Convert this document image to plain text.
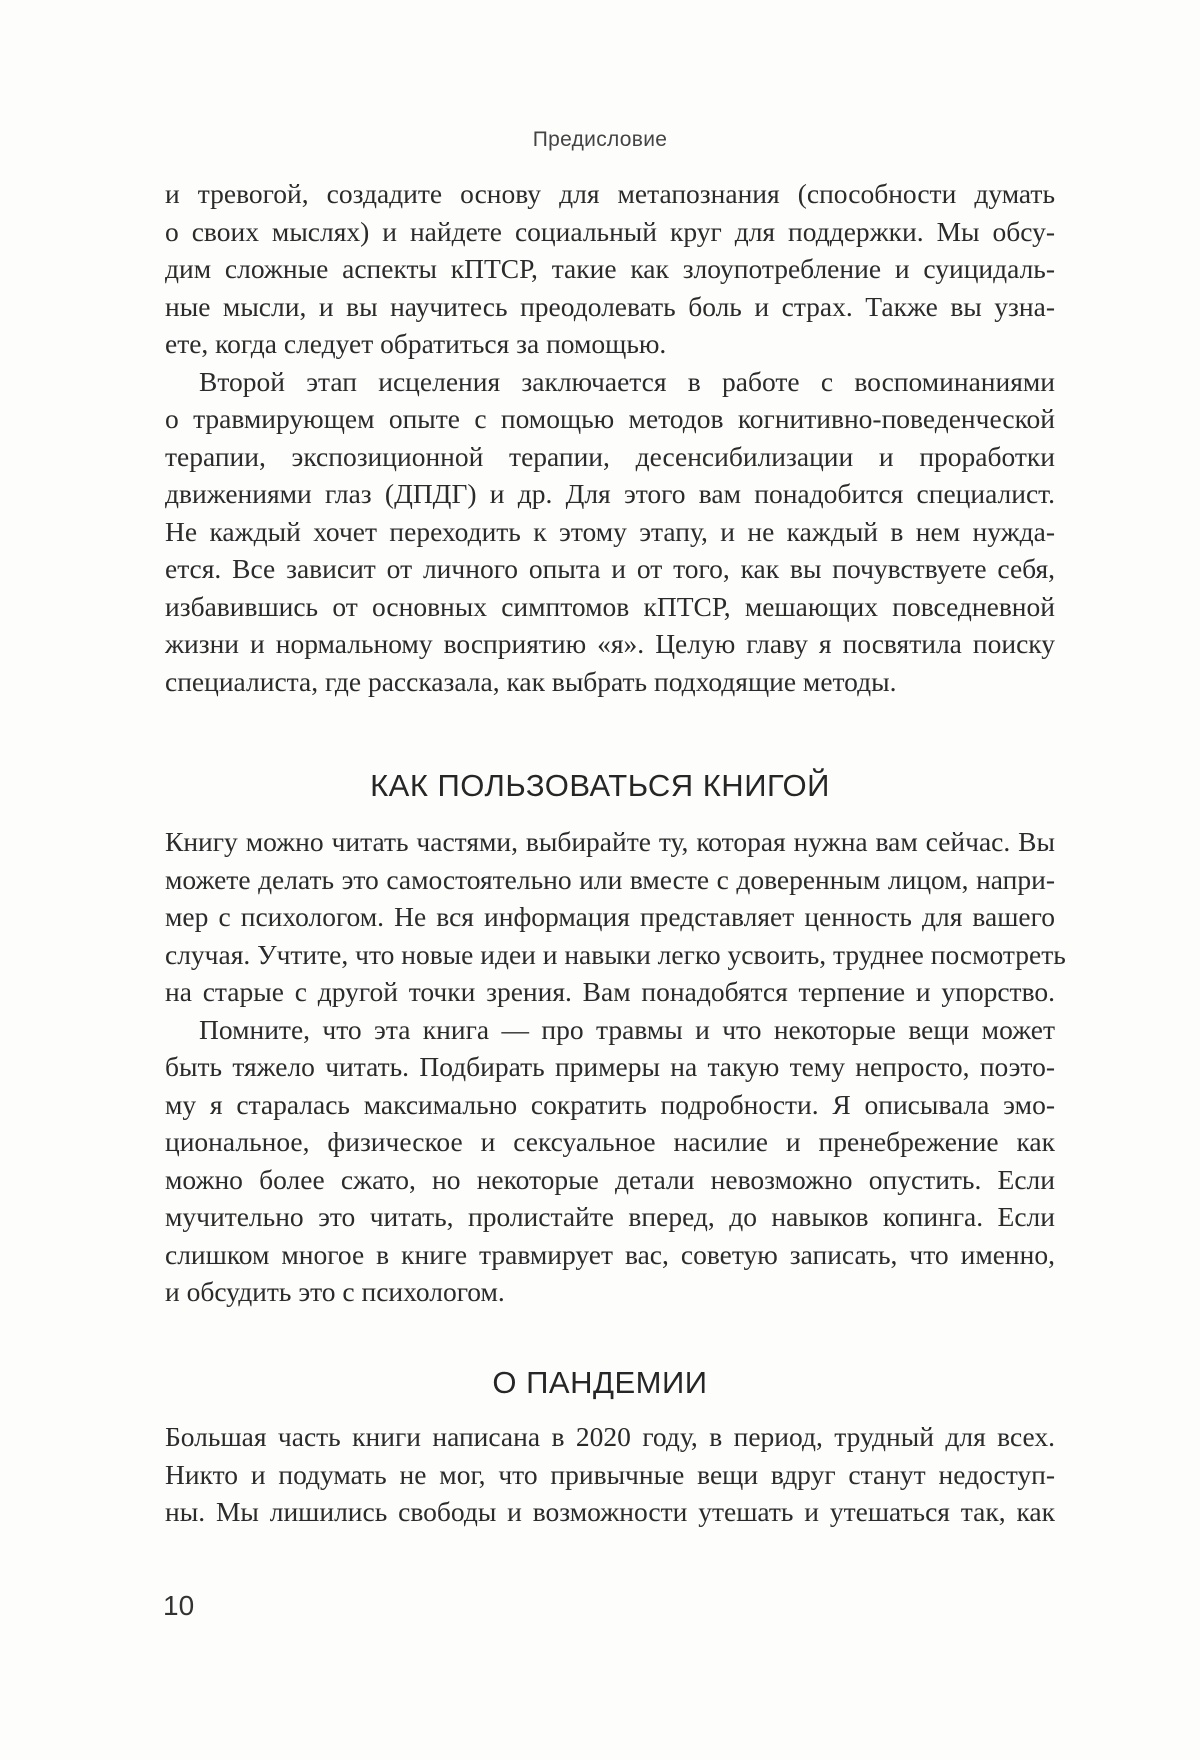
Предисловие
и тревогой, создадите основу для метапознания (способности думать
о своих мыслях) и найдете социальный круг для поддержки. Мы обсу-
дим сложные аспекты кПТСР, такие как злоупотребление и суицидаль-
ные мысли, и вы научитесь преодолевать боль и страх. Также вы узна-
ете, когда следует обратиться за помощью.
Второй этап исцеления заключается в работе с воспоминаниями
о травмирующем опыте с помощью методов когнитивно-поведенческой
терапии, экспозиционной терапии, десенсибилизации и проработки
движениями глаз (ДПДГ) и др. Для этого вам понадобится специалист.
Не каждый хочет переходить к этому этапу, и не каждый в нем нужда-
ется. Все зависит от личного опыта и от того, как вы почувствуете себя,
избавившись от основных симптомов кПТСР, мешающих повседневной
жизни и нормальному восприятию «я». Целую главу я посвятила поиску
специалиста, где рассказала, как выбрать подходящие методы.
КАК ПОЛЬЗОВАТЬСЯ КНИГОЙ
Книгу можно читать частями, выбирайте ту, которая нужна вам сейчас. Вы
можете делать это самостоятельно или вместе с доверенным лицом, напри-
мер с психологом. Не вся информация представляет ценность для вашего
случая. Учтите, что новые идеи и навыки легко усвоить, труднее посмотреть
на старые с другой точки зрения. Вам понадобятся терпение и упорство.
Помните, что эта книга — про травмы и что некоторые вещи может
быть тяжело читать. Подбирать примеры на такую тему непросто, поэто-
му я старалась максимально сократить подробности. Я описывала эмо-
циональное, физическое и сексуальное насилие и пренебрежение как
можно более сжато, но некоторые детали невозможно опустить. Если
мучительно это читать, пролистайте вперед, до навыков копинга. Если
слишком многое в книге травмирует вас, советую записать, что именно,
и обсудить это с психологом.
О ПАНДЕМИИ
Большая часть книги написана в 2020 году, в период, трудный для всех.
Никто и подумать не мог, что привычные вещи вдруг станут недоступ-
ны. Мы лишились свободы и возможности утешать и утешаться так, как
10
